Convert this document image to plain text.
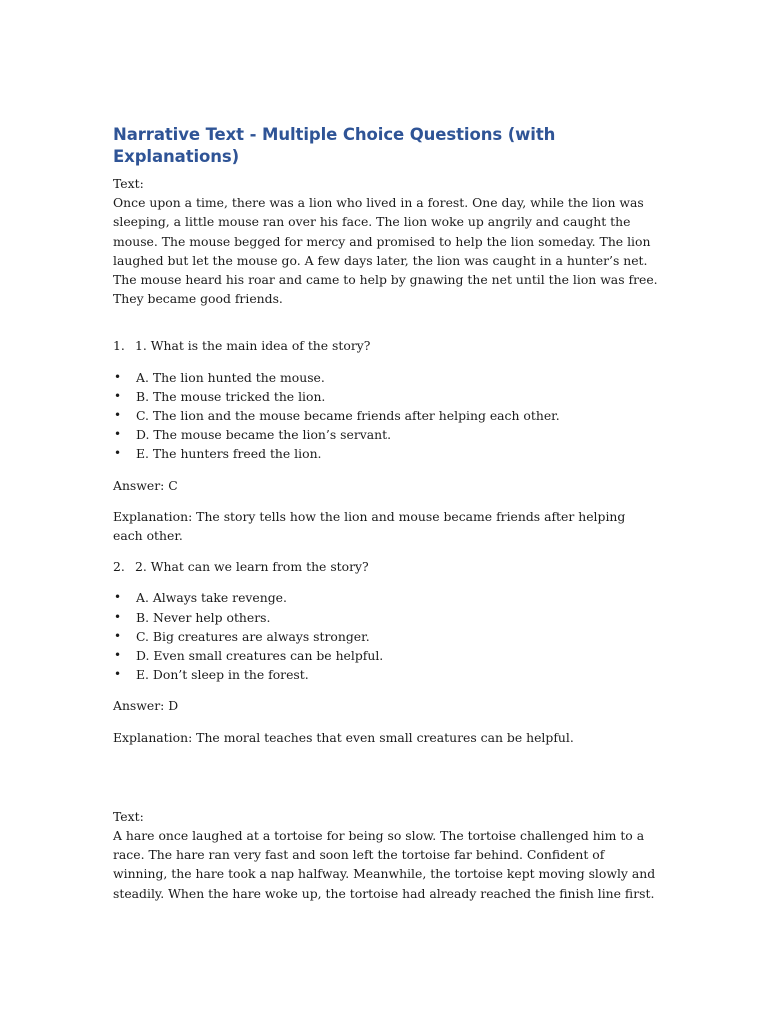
Narrative Text - Multiple Choice Questions (with Explanations)

Text:

Once upon a time, there was a lion who lived in a forest. One day, while the lion was sleeping, a little mouse ran over his face. The lion woke up angrily and caught the mouse. The mouse begged for mercy and promised to help the lion someday. The lion laughed but let the mouse go. A few days later, the lion was caught in a hunter’s net. The mouse heard his roar and came to help by gnawing the net until the lion was free. They became good friends.

1. 1. What is the main idea of the story?
•	A. The lion hunted the mouse.
•	B. The mouse tricked the lion.
•	C. The lion and the mouse became friends after helping each other.
•	D. The mouse became the lion’s servant.
•	E. The hunters freed the lion.

Answer: C

Explanation: The story tells how the lion and mouse became friends after helping each other.

2. 2. What can we learn from the story?
•	A. Always take revenge.
•	B. Never help others.
•	C. Big creatures are always stronger.
•	D. Even small creatures can be helpful.
•	E. Don’t sleep in the forest.

Answer: D

Explanation: The moral teaches that even small creatures can be helpful.

Text:

A hare once laughed at a tortoise for being so slow. The tortoise challenged him to a race. The hare ran very fast and soon left the tortoise far behind. Confident of winning, the hare took a nap halfway. Meanwhile, the tortoise kept moving slowly and steadily. When the hare woke up, the tortoise had already reached the finish line first.
